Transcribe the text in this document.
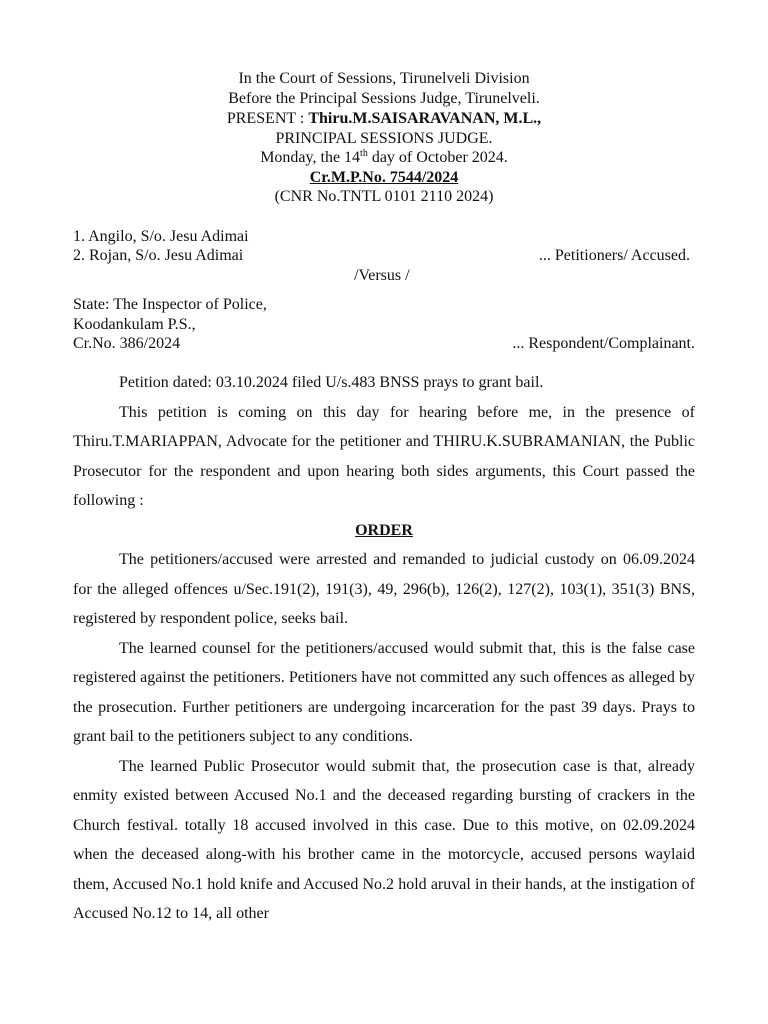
In the Court of Sessions, Tirunelveli Division
Before the Principal Sessions Judge, Tirunelveli.
PRESENT : Thiru.M.SAISARAVANAN, M.L.,
PRINCIPAL SESSIONS JUDGE.
Monday, the 14th day of October 2024.
Cr.M.P.No. 7544/2024
(CNR No.TNTL 0101 2110 2024)
1. Angilo, S/o. Jesu Adimai
2. Rojan, S/o. Jesu Adimai	... Petitioners/ Accused.
/Versus /
State: The Inspector of Police,
Koodankulam P.S.,
Cr.No. 386/2024	... Respondent/Complainant.

Petition dated: 03.10.2024 filed U/s.483 BNSS prays to grant bail.

This petition is coming on this day for hearing before me, in the presence of Thiru.T.MARIAPPAN, Advocate for the petitioner and THIRU.K.SUBRAMANIAN, the Public Prosecutor for the respondent and upon hearing both sides arguments, this Court passed the following :

ORDER

The petitioners/accused were arrested and remanded to judicial custody on 06.09.2024 for the alleged offences u/Sec.191(2), 191(3), 49, 296(b), 126(2), 127(2), 103(1), 351(3) BNS, registered by respondent police, seeks bail.

The learned counsel for the petitioners/accused would submit that, this is the false case registered against the petitioners. Petitioners have not committed any such offences as alleged by the prosecution. Further petitioners are undergoing incarceration for the past 39 days. Prays to grant bail to the petitioners subject to any conditions.

The learned Public Prosecutor would submit that, the prosecution case is that, already enmity existed between Accused No.1 and the deceased regarding bursting of crackers in the Church festival. totally 18 accused involved in this case. Due to this motive, on 02.09.2024 when the deceased along-with his brother came in the motorcycle, accused persons waylaid them, Accused No.1 hold knife and Accused No.2 hold aruval in their hands, at the instigation of Accused No.12 to 14, all other
